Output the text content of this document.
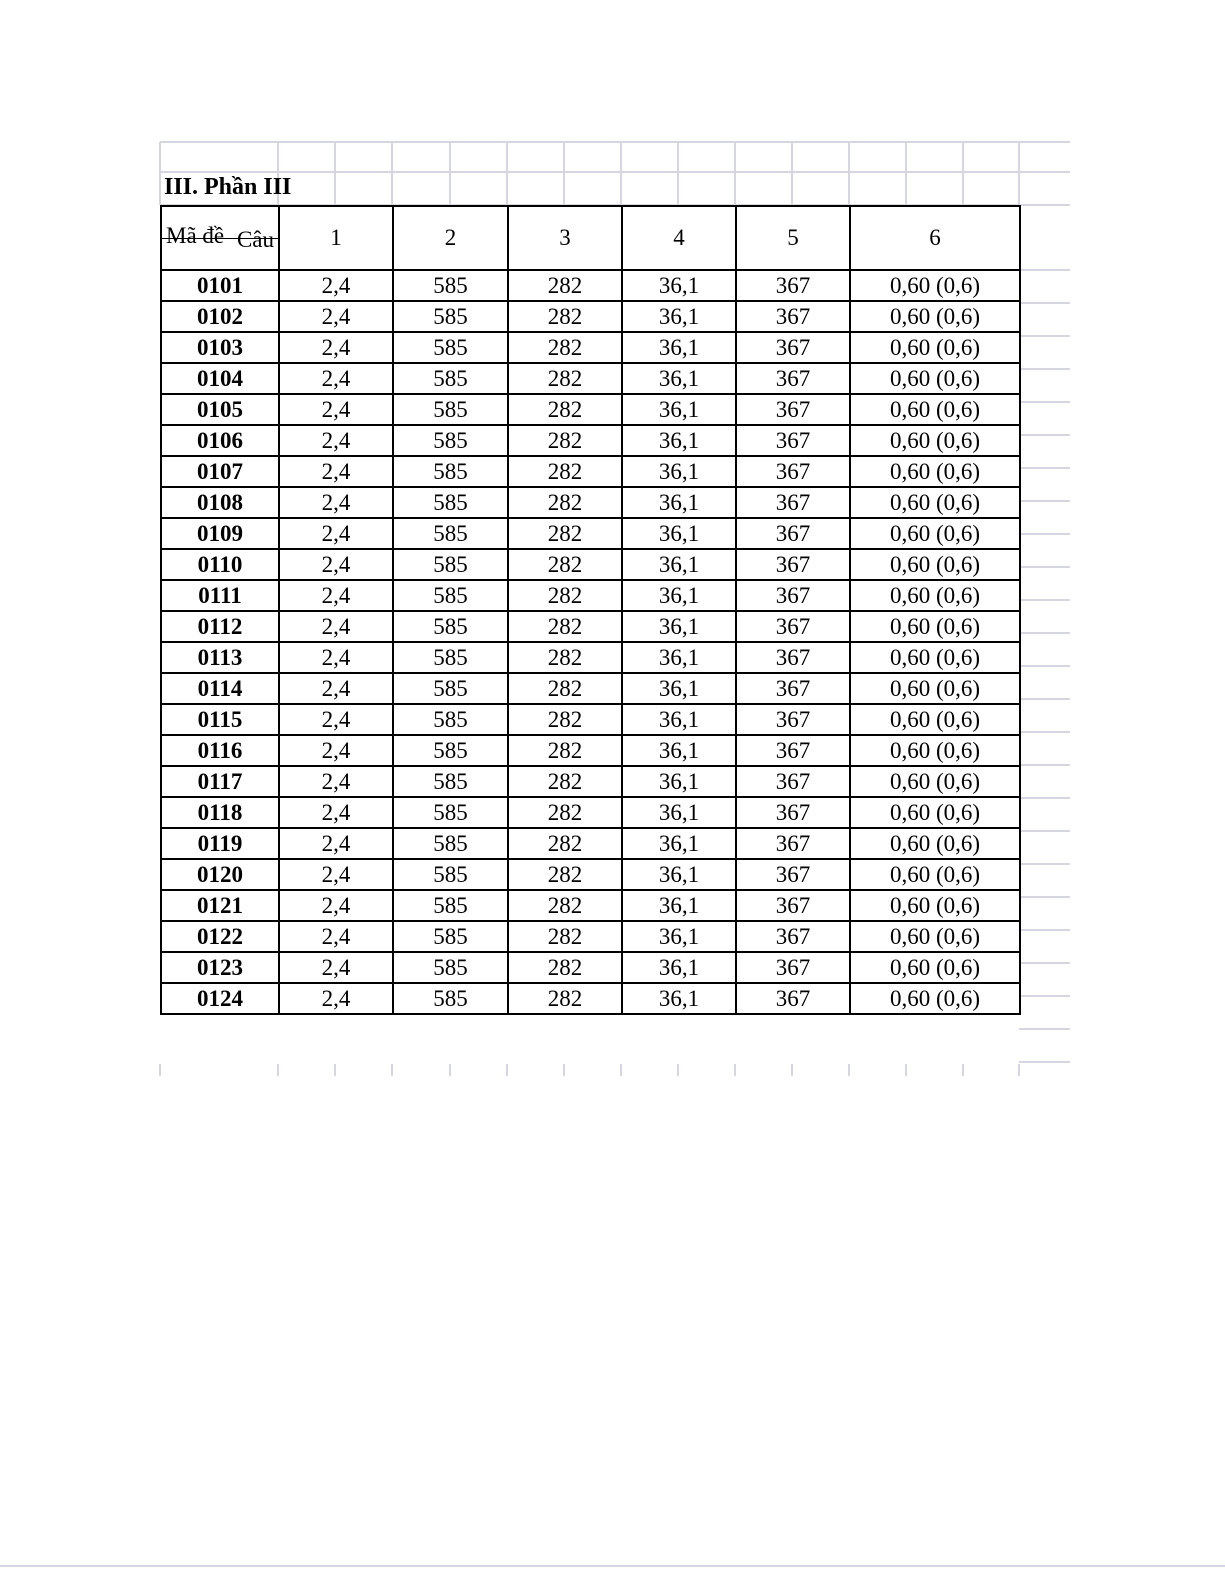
III. Phần III
Câu
Mã đề	1	2	3	4	5	6
0101	2,4	585	282	36,1	367	0,60 (0,6)
0102	2,4	585	282	36,1	367	0,60 (0,6)
0103	2,4	585	282	36,1	367	0,60 (0,6)
0104	2,4	585	282	36,1	367	0,60 (0,6)
0105	2,4	585	282	36,1	367	0,60 (0,6)
0106	2,4	585	282	36,1	367	0,60 (0,6)
0107	2,4	585	282	36,1	367	0,60 (0,6)
0108	2,4	585	282	36,1	367	0,60 (0,6)
0109	2,4	585	282	36,1	367	0,60 (0,6)
0110	2,4	585	282	36,1	367	0,60 (0,6)
0111	2,4	585	282	36,1	367	0,60 (0,6)
0112	2,4	585	282	36,1	367	0,60 (0,6)
0113	2,4	585	282	36,1	367	0,60 (0,6)
0114	2,4	585	282	36,1	367	0,60 (0,6)
0115	2,4	585	282	36,1	367	0,60 (0,6)
0116	2,4	585	282	36,1	367	0,60 (0,6)
0117	2,4	585	282	36,1	367	0,60 (0,6)
0118	2,4	585	282	36,1	367	0,60 (0,6)
0119	2,4	585	282	36,1	367	0,60 (0,6)
0120	2,4	585	282	36,1	367	0,60 (0,6)
0121	2,4	585	282	36,1	367	0,60 (0,6)
0122	2,4	585	282	36,1	367	0,60 (0,6)
0123	2,4	585	282	36,1	367	0,60 (0,6)
0124	2,4	585	282	36,1	367	0,60 (0,6)
